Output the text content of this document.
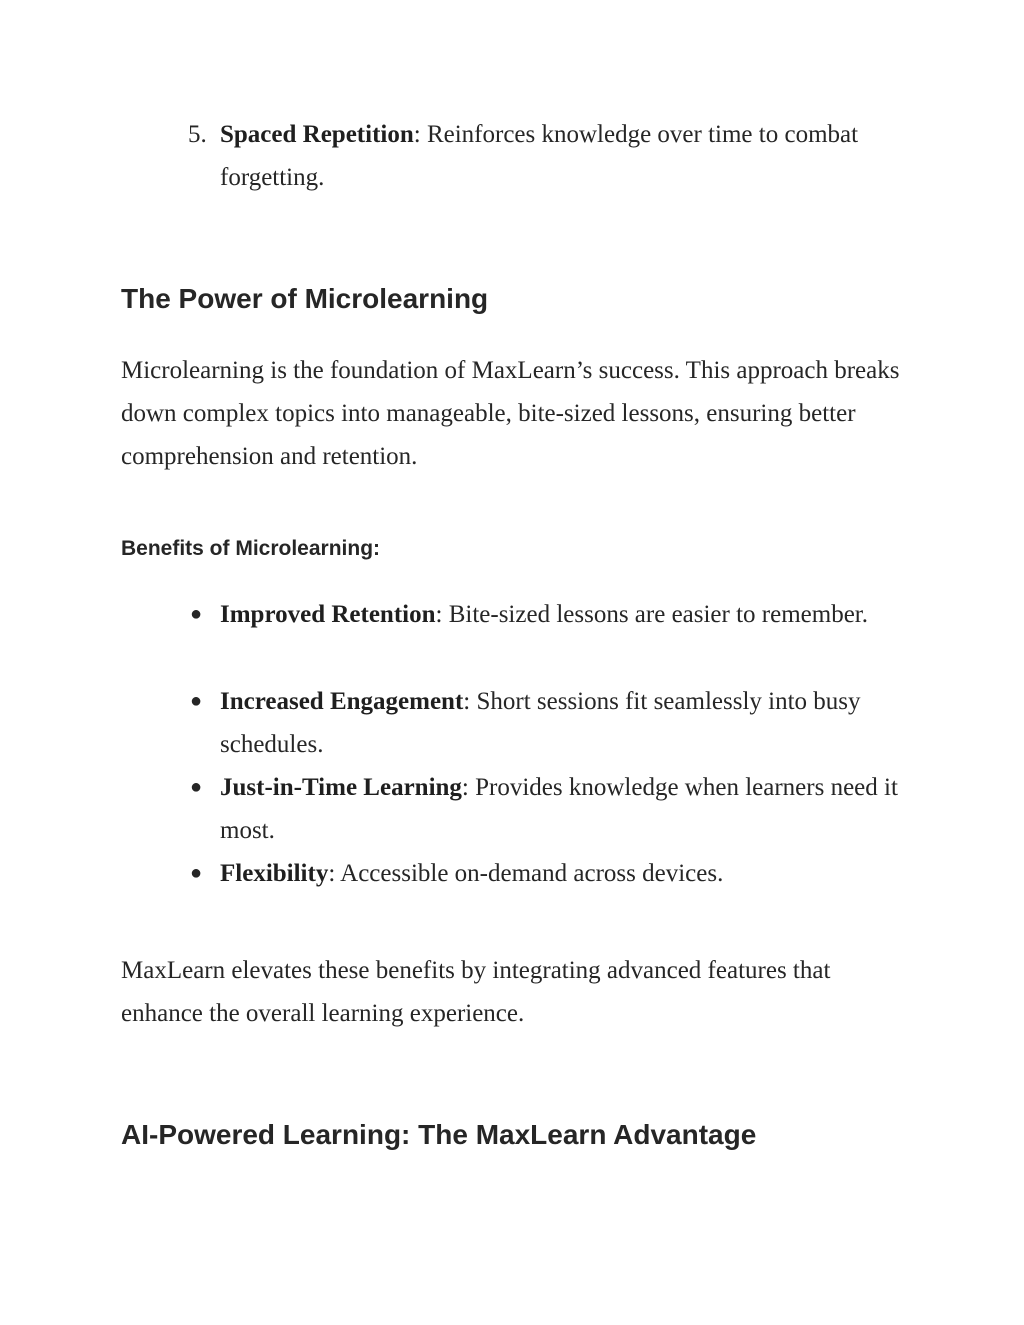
5. Spaced Repetition: Reinforces knowledge over time to combat forgetting.
The Power of Microlearning

Microlearning is the foundation of MaxLearn’s success. This approach breaks down complex topics into manageable, bite-sized lessons, ensuring better comprehension and retention.

Benefits of Microlearning:
● Improved Retention: Bite-sized lessons are easier to remember.
● Increased Engagement: Short sessions fit seamlessly into busy schedules.
● Just-in-Time Learning: Provides knowledge when learners need it most.
● Flexibility: Accessible on-demand across devices.

MaxLearn elevates these benefits by integrating advanced features that enhance the overall learning experience.

AI-Powered Learning: The MaxLearn Advantage
